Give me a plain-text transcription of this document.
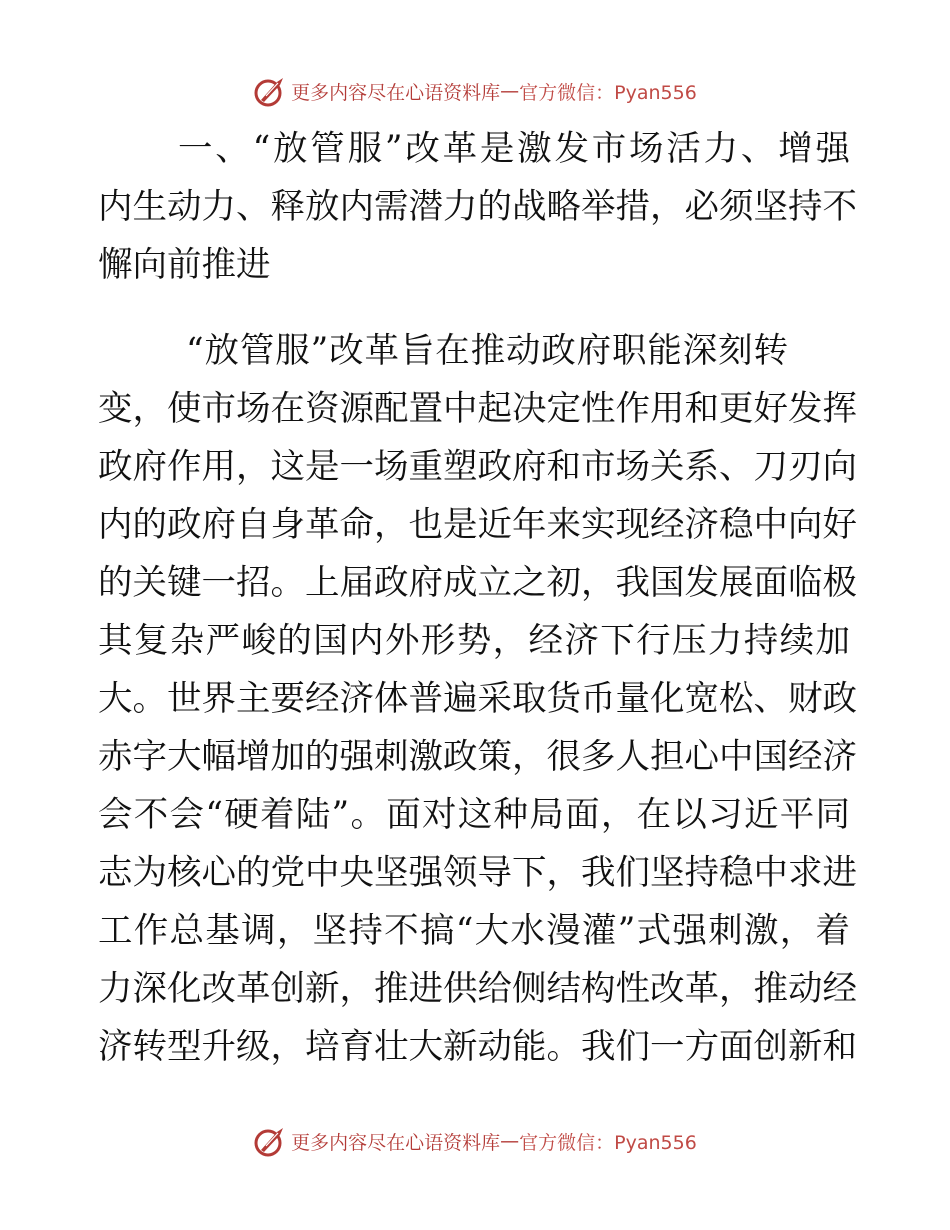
更多内容尽在心语资料库 — 官方微信：Pyan556
一、“放管服”改革是激发市场活力、增强
内生动力、释放内需潜力的战略举措，必须坚持不
懈向前推进
“放管服”改革旨在推动政府职能深刻转
变，使市场在资源配置中起决定性作用和更好发挥
政府作用，这是一场重塑政府和市场关系、刀刃向
内的政府自身革命，也是近年来实现经济稳中向好
的关键一招。上届政府成立之初，我国发展面临极
其复杂严峻的国内外形势，经济下行压力持续加
大。世界主要经济体普遍采取货币量化宽松、财政
赤字大幅增加的强刺激政策，很多人担心中国经济
会不会“硬着陆”。面对这种局面，在以习近平同
志为核心的党中央坚强领导下，我们坚持稳中求进
工作总基调，坚持不搞“大水漫灌”式强刺激，着
力深化改革创新，推进供给侧结构性改革，推动经
济转型升级，培育壮大新动能。我们一方面创新和
更多内容尽在心语资料库 — 官方微信：Pyan556
